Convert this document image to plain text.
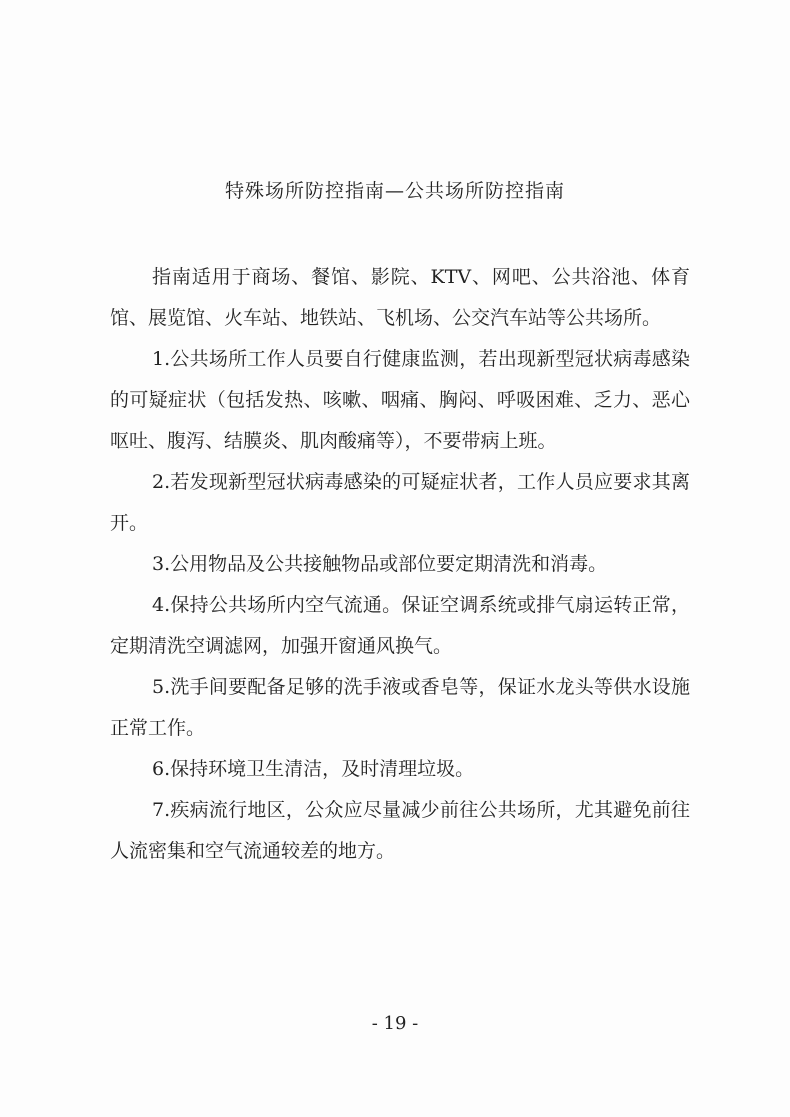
特殊场所防控指南—公共场所防控指南

指南适用于商场、餐馆、影院、KTV、网吧、公共浴池、体育馆、展览馆、火车站、地铁站、飞机场、公交汽车站等公共场所。

1.公共场所工作人员要自行健康监测，若出现新型冠状病毒感染的可疑症状（包括发热、咳嗽、咽痛、胸闷、呼吸困难、乏力、恶心呕吐、腹泻、结膜炎、肌肉酸痛等），不要带病上班。

2.若发现新型冠状病毒感染的可疑症状者，工作人员应要求其离开。

3.公用物品及公共接触物品或部位要定期清洗和消毒。

4.保持公共场所内空气流通。保证空调系统或排气扇运转正常，定期清洗空调滤网，加强开窗通风换气。

5.洗手间要配备足够的洗手液或香皂等，保证水龙头等供水设施正常工作。

6.保持环境卫生清洁，及时清理垃圾。

7.疾病流行地区，公众应尽量减少前往公共场所，尤其避免前往人流密集和空气流通较差的地方。

- 19 -
